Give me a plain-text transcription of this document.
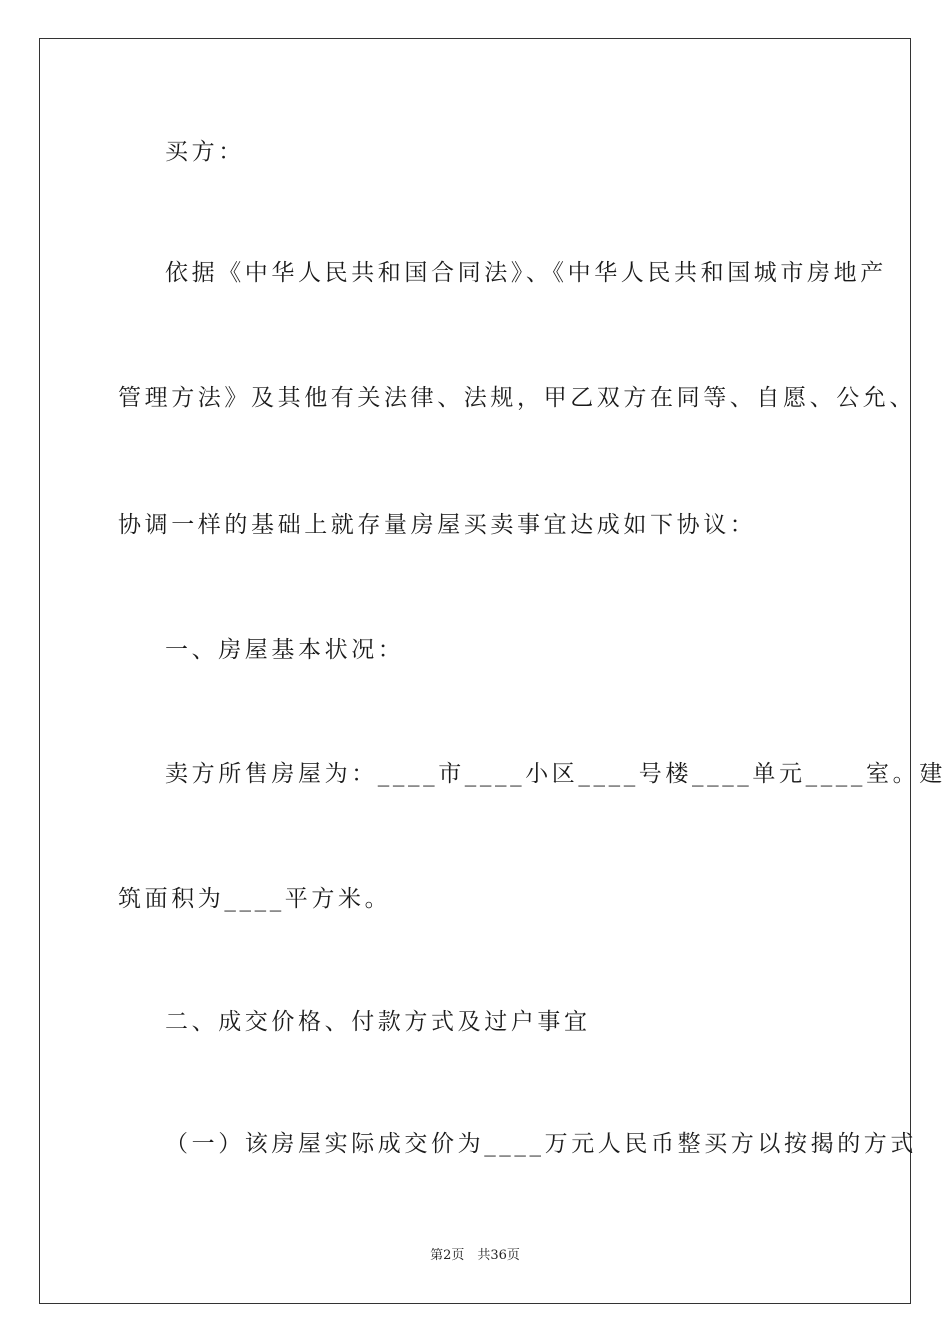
买方：
依据《中华人民共和国合同法》、《中华人民共和国城市房地产
管理方法》及其他有关法律、法规，甲乙双方在同等、自愿、公允、
协调一样的基础上就存量房屋买卖事宜达成如下协议：
一、房屋基本状况：
卖方所售房屋为：____市____小区____号楼____单元____室。建
筑面积为____平方米。
二、成交价格、付款方式及过户事宜
（一）该房屋实际成交价为____万元人民币整买方以按揭的方式
第2页　共36页
